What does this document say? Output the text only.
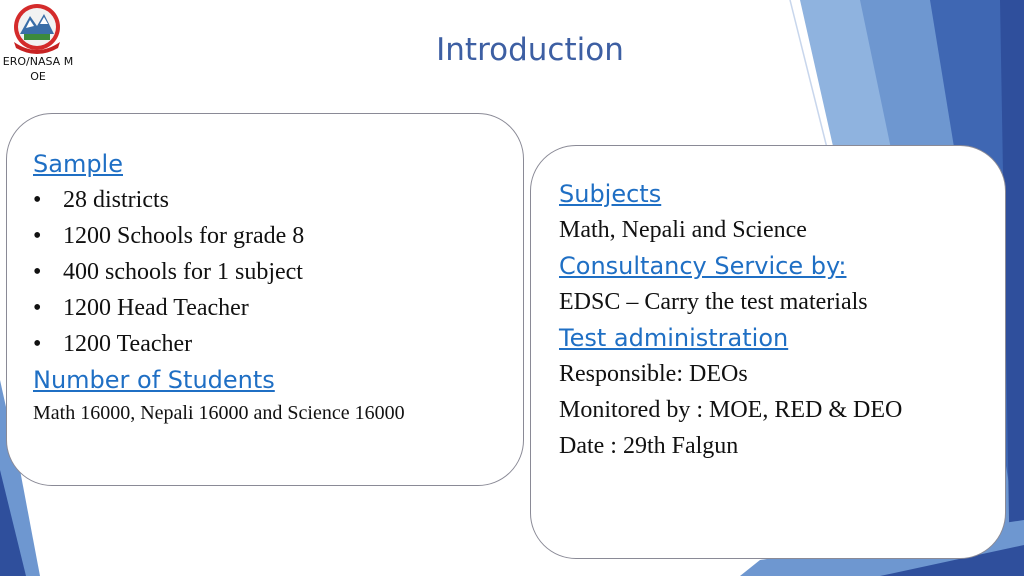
ERO/NASA MOE
Introduction
Sample
• 28 districts
• 1200 Schools for grade 8
• 400 schools for 1 subject
• 1200 Head Teacher
• 1200 Teacher
Number of Students
Math 16000, Nepali 16000 and Science 16000
Subjects
Math, Nepali and Science
Consultancy Service by:
EDSC – Carry the test materials
Test administration
Responsible: DEOs
Monitored by : MOE, RED & DEO
Date : 29th Falgun
